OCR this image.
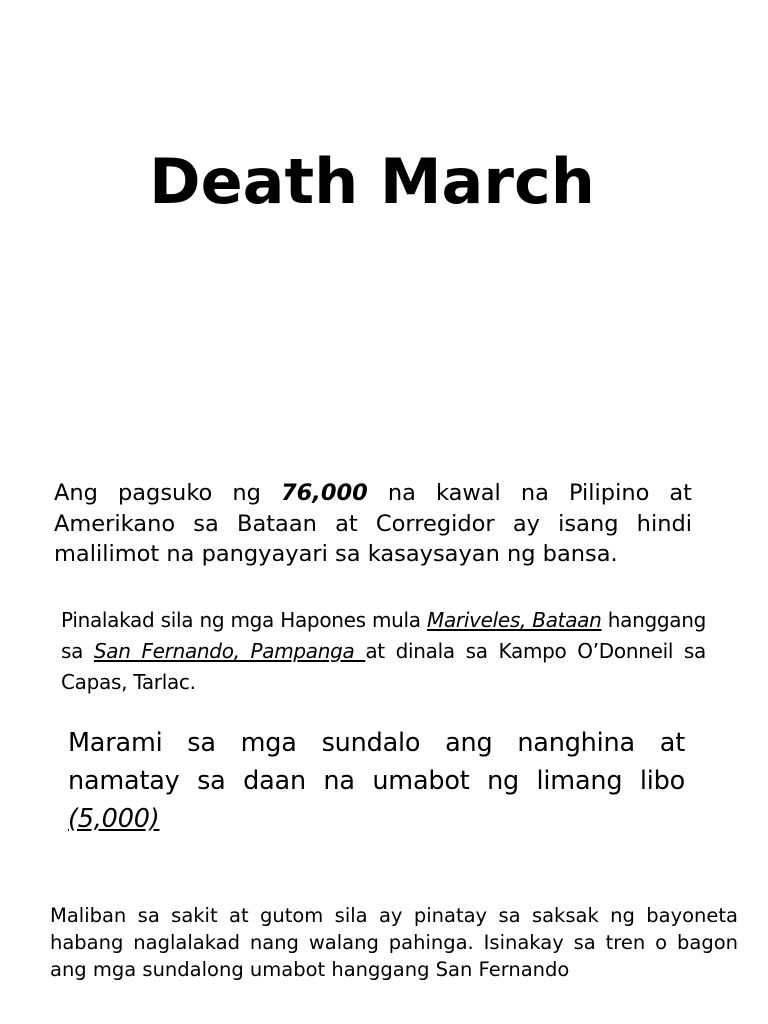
Death March

Ang pagsuko ng 76,000 na kawal na Pilipino at Amerikano sa Bataan at Corregidor ay isang hindi malilimot na pangyayari sa kasaysayan ng bansa.

Pinalakad sila ng mga Hapones mula Mariveles, Bataan hanggang sa San Fernando, Pampanga at dinala sa Kampo O’Donneil sa Capas, Tarlac.

Marami sa mga sundalo ang nanghina at namatay sa daan na umabot ng limang libo (5,000)

Maliban sa sakit at gutom sila ay pinatay sa saksak ng bayoneta habang naglalakad nang walang pahinga. Isinakay sa tren o bagon ang mga sundalong umabot hanggang San Fernando
